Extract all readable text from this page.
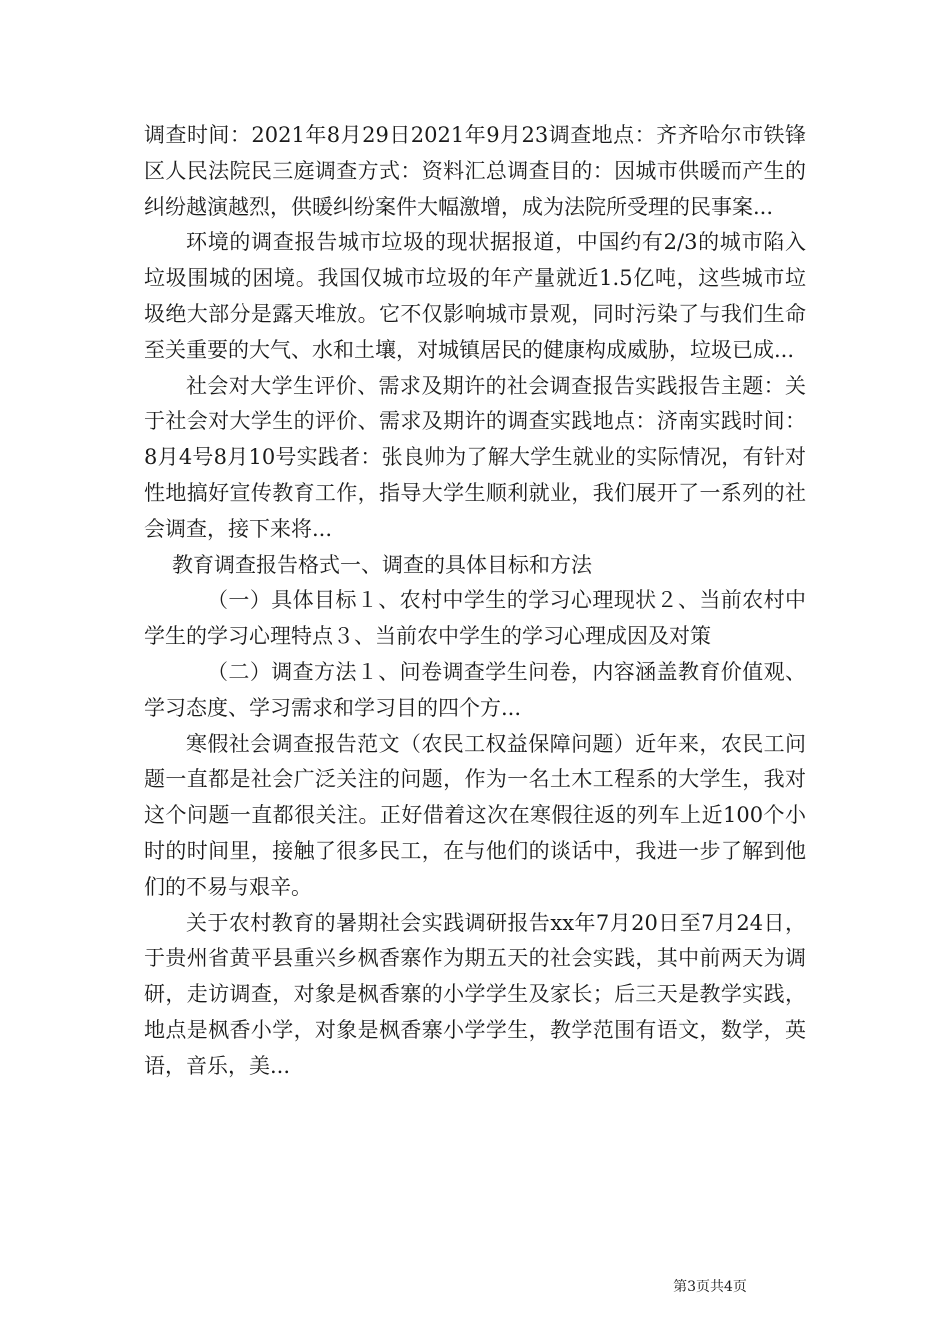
调查时间：2021年8月29日2021年9月23调查地点：齐齐哈尔市铁锋区人民法院民三庭调查方式：资料汇总调查目的：因城市供暖而产生的纠纷越演越烈，供暖纠纷案件大幅激增，成为法院所受理的民事案...

环境的调查报告城市垃圾的现状据报道，中国约有2/3的城市陷入垃圾围城的困境。我国仅城市垃圾的年产量就近1.5亿吨，这些城市垃圾绝大部分是露天堆放。它不仅影响城市景观，同时污染了与我们生命至关重要的大气、水和土壤，对城镇居民的健康构成威胁，垃圾已成...

社会对大学生评价、需求及期许的社会调查报告实践报告主题：关于社会对大学生的评价、需求及期许的调查实践地点：济南实践时间：8月4号8月10号实践者：张良帅为了解大学生就业的实际情况，有针对性地搞好宣传教育工作，指导大学生顺利就业，我们展开了一系列的社会调查，接下来将...

教育调查报告格式一、调查的具体目标和方法

（一）具体目标１、农村中学生的学习心理现状２、当前农村中学生的学习心理特点３、当前农中学生的学习心理成因及对策

（二）调查方法１、问卷调查学生问卷，内容涵盖教育价值观、学习态度、学习需求和学习目的四个方...

寒假社会调查报告范文（农民工权益保障问题）近年来，农民工问题一直都是社会广泛关注的问题，作为一名土木工程系的大学生，我对这个问题一直都很关注。正好借着这次在寒假往返的列车上近100个小时的时间里，接触了很多民工，在与他们的谈话中，我进一步了解到他们的不易与艰辛。

关于农村教育的暑期社会实践调研报告xx年7月20日至7月24日，于贵州省黄平县重兴乡枫香寨作为期五天的社会实践，其中前两天为调研，走访调查，对象是枫香寨的小学学生及家长；后三天是教学实践，地点是枫香小学，对象是枫香寨小学学生，教学范围有语文，数学，英语，音乐，美...

第3页共4页
